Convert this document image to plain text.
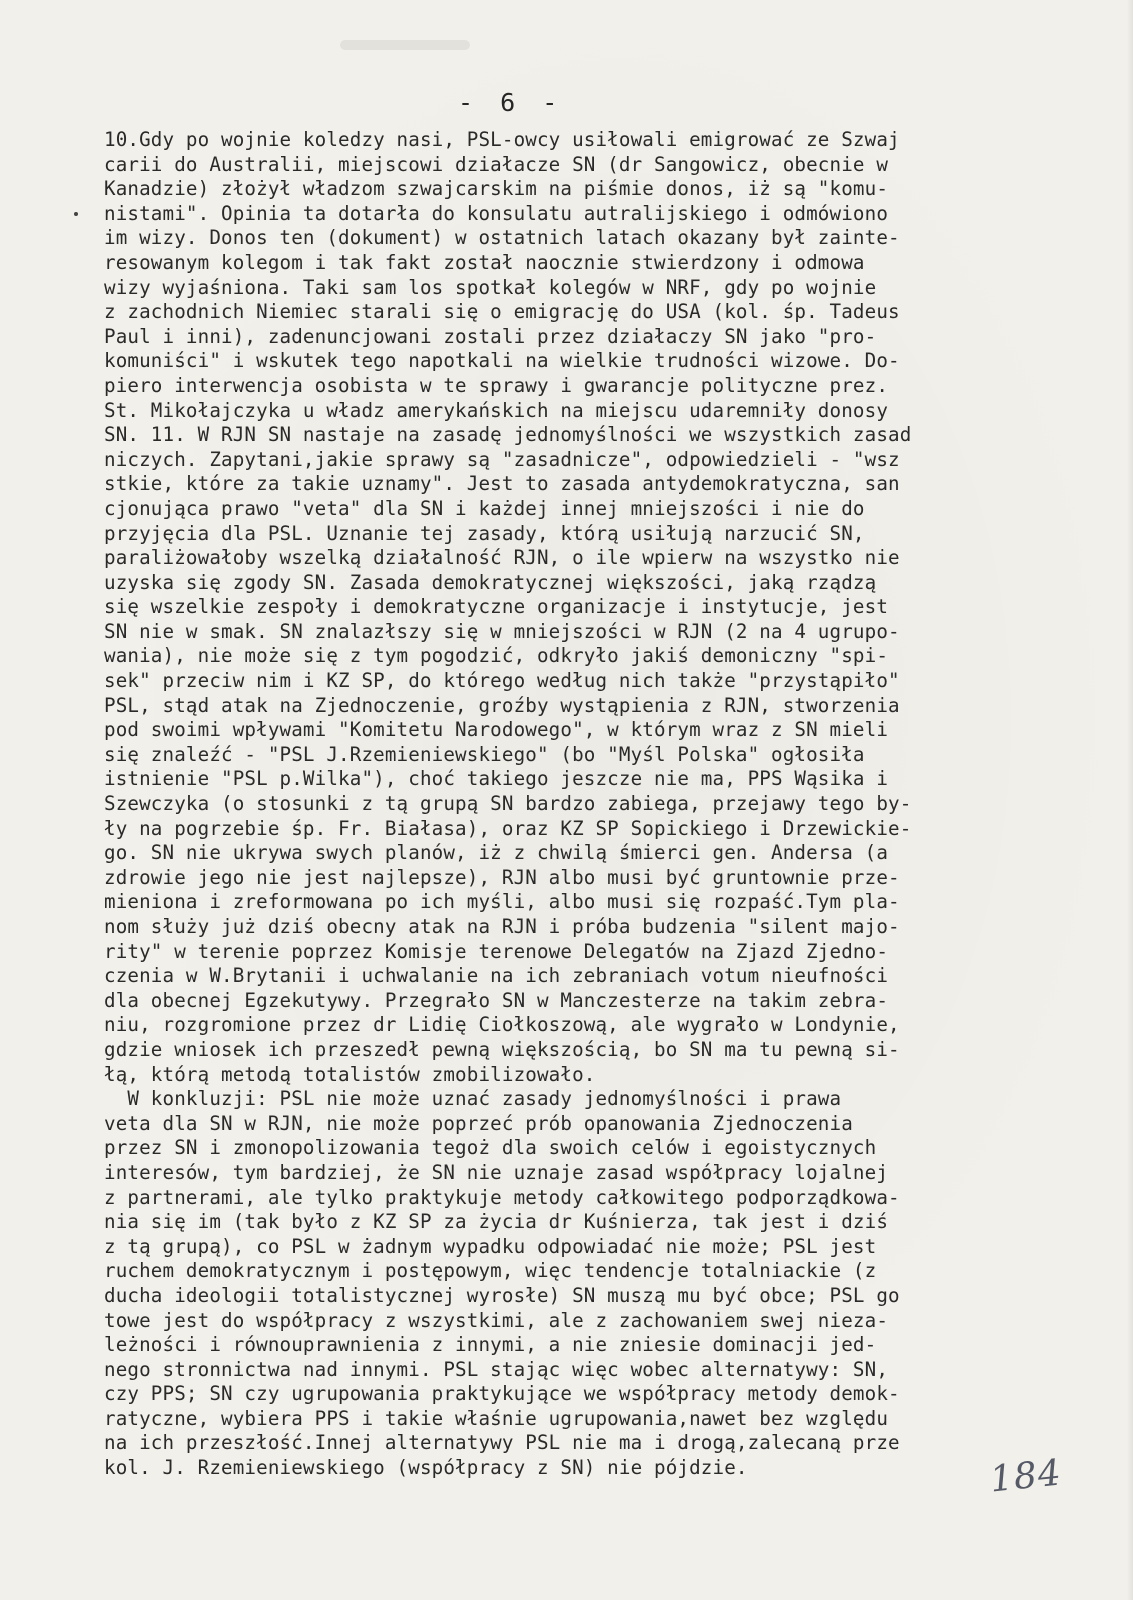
- 6 -
10.Gdy po wojnie koledzy nasi, PSL-owcy usiłowali emigrować ze Szwaj
carii do Australii, miejscowi działacze SN (dr Sangowicz, obecnie w
Kanadzie) złożył władzom szwajcarskim na piśmie donos, iż są "komu-
nistami". Opinia ta dotarła do konsulatu autralijskiego i odmówiono
im wizy. Donos ten (dokument) w ostatnich latach okazany był zainte-
resowanym kolegom i tak fakt został naocznie stwierdzony i odmowa
wizy wyjaśniona. Taki sam los spotkał kolegów w NRF, gdy po wojnie
z zachodnich Niemiec starali się o emigrację do USA (kol. śp. Tadeus
Paul i inni), zadenuncjowani zostali przez działaczy SN jako "pro-
komuniści" i wskutek tego napotkali na wielkie trudności wizowe. Do-
piero interwencja osobista w te sprawy i gwarancje polityczne prez.
St. Mikołajczyka u władz amerykańskich na miejscu udaremniły donosy
SN. 11. W RJN SN nastaje na zasadę jednomyślności we wszystkich zasad
niczych. Zapytani,jakie sprawy są "zasadnicze", odpowiedzieli - "wsz
stkie, które za takie uznamy". Jest to zasada antydemokratyczna, san
cjonująca prawo "veta" dla SN i każdej innej mniejszości i nie do
przyjęcia dla PSL. Uznanie tej zasady, którą usiłują narzucić SN,
paraliżowałoby wszelką działalność RJN, o ile wpierw na wszystko nie
uzyska się zgody SN. Zasada demokratycznej większości, jaką rządzą
się wszelkie zespoły i demokratyczne organizacje i instytucje, jest
SN nie w smak. SN znalazłszy się w mniejszości w RJN (2 na 4 ugrupo-
wania), nie może się z tym pogodzić, odkryło jakiś demoniczny "spi-
sek" przeciw nim i KZ SP, do którego według nich także "przystąpiło"
PSL, stąd atak na Zjednoczenie, groźby wystąpienia z RJN, stworzenia
pod swoimi wpływami "Komitetu Narodowego", w którym wraz z SN mieli
się znaleźć - "PSL J.Rzemieniewskiego" (bo "Myśl Polska" ogłosiła
istnienie "PSL p.Wilka"), choć takiego jeszcze nie ma, PPS Wąsika i
Szewczyka (o stosunki z tą grupą SN bardzo zabiega, przejawy tego by-
ły na pogrzebie śp. Fr. Białasa), oraz KZ SP Sopickiego i Drzewickie-
go. SN nie ukrywa swych planów, iż z chwilą śmierci gen. Andersa (a
zdrowie jego nie jest najlepsze), RJN albo musi być gruntownie prze-
mieniona i zreformowana po ich myśli, albo musi się rozpaść.Tym pla-
nom służy już dziś obecny atak na RJN i próba budzenia "silent majo-
rity" w terenie poprzez Komisje terenowe Delegatów na Zjazd Zjedno-
czenia w W.Brytanii i uchwalanie na ich zebraniach votum nieufności
dla obecnej Egzekutywy. Przegrało SN w Manczesterze na takim zebra-
niu, rozgromione przez dr Lidię Ciołkoszową, ale wygrało w Londynie,
gdzie wniosek ich przeszedł pewną większością, bo SN ma tu pewną si-
łą, którą metodą totalistów zmobilizowało.
W konkluzji: PSL nie może uznać zasady jednomyślności i prawa
veta dla SN w RJN, nie może poprzeć prób opanowania Zjednoczenia
przez SN i zmonopolizowania tegoż dla swoich celów i egoistycznych
interesów, tym bardziej, że SN nie uznaje zasad współpracy lojalnej
z partnerami, ale tylko praktykuje metody całkowitego podporządkowa-
nia się im (tak było z KZ SP za życia dr Kuśnierza, tak jest i dziś
z tą grupą), co PSL w żadnym wypadku odpowiadać nie może; PSL jest
ruchem demokratycznym i postępowym, więc tendencje totalniackie (z
ducha ideologii totalistycznej wyrosłe) SN muszą mu być obce; PSL go
towe jest do współpracy z wszystkimi, ale z zachowaniem swej nieza-
leżności i równouprawnienia z innymi, a nie zniesie dominacji jed-
nego stronnictwa nad innymi. PSL stając więc wobec alternatywy: SN,
czy PPS; SN czy ugrupowania praktykujące we współpracy metody demok-
ratyczne, wybiera PPS i takie właśnie ugrupowania,nawet bez względu
na ich przeszłość.Innej alternatywy PSL nie ma i drogą,zalecaną prze
kol. J. Rzemieniewskiego (współpracy z SN) nie pójdzie.	184
